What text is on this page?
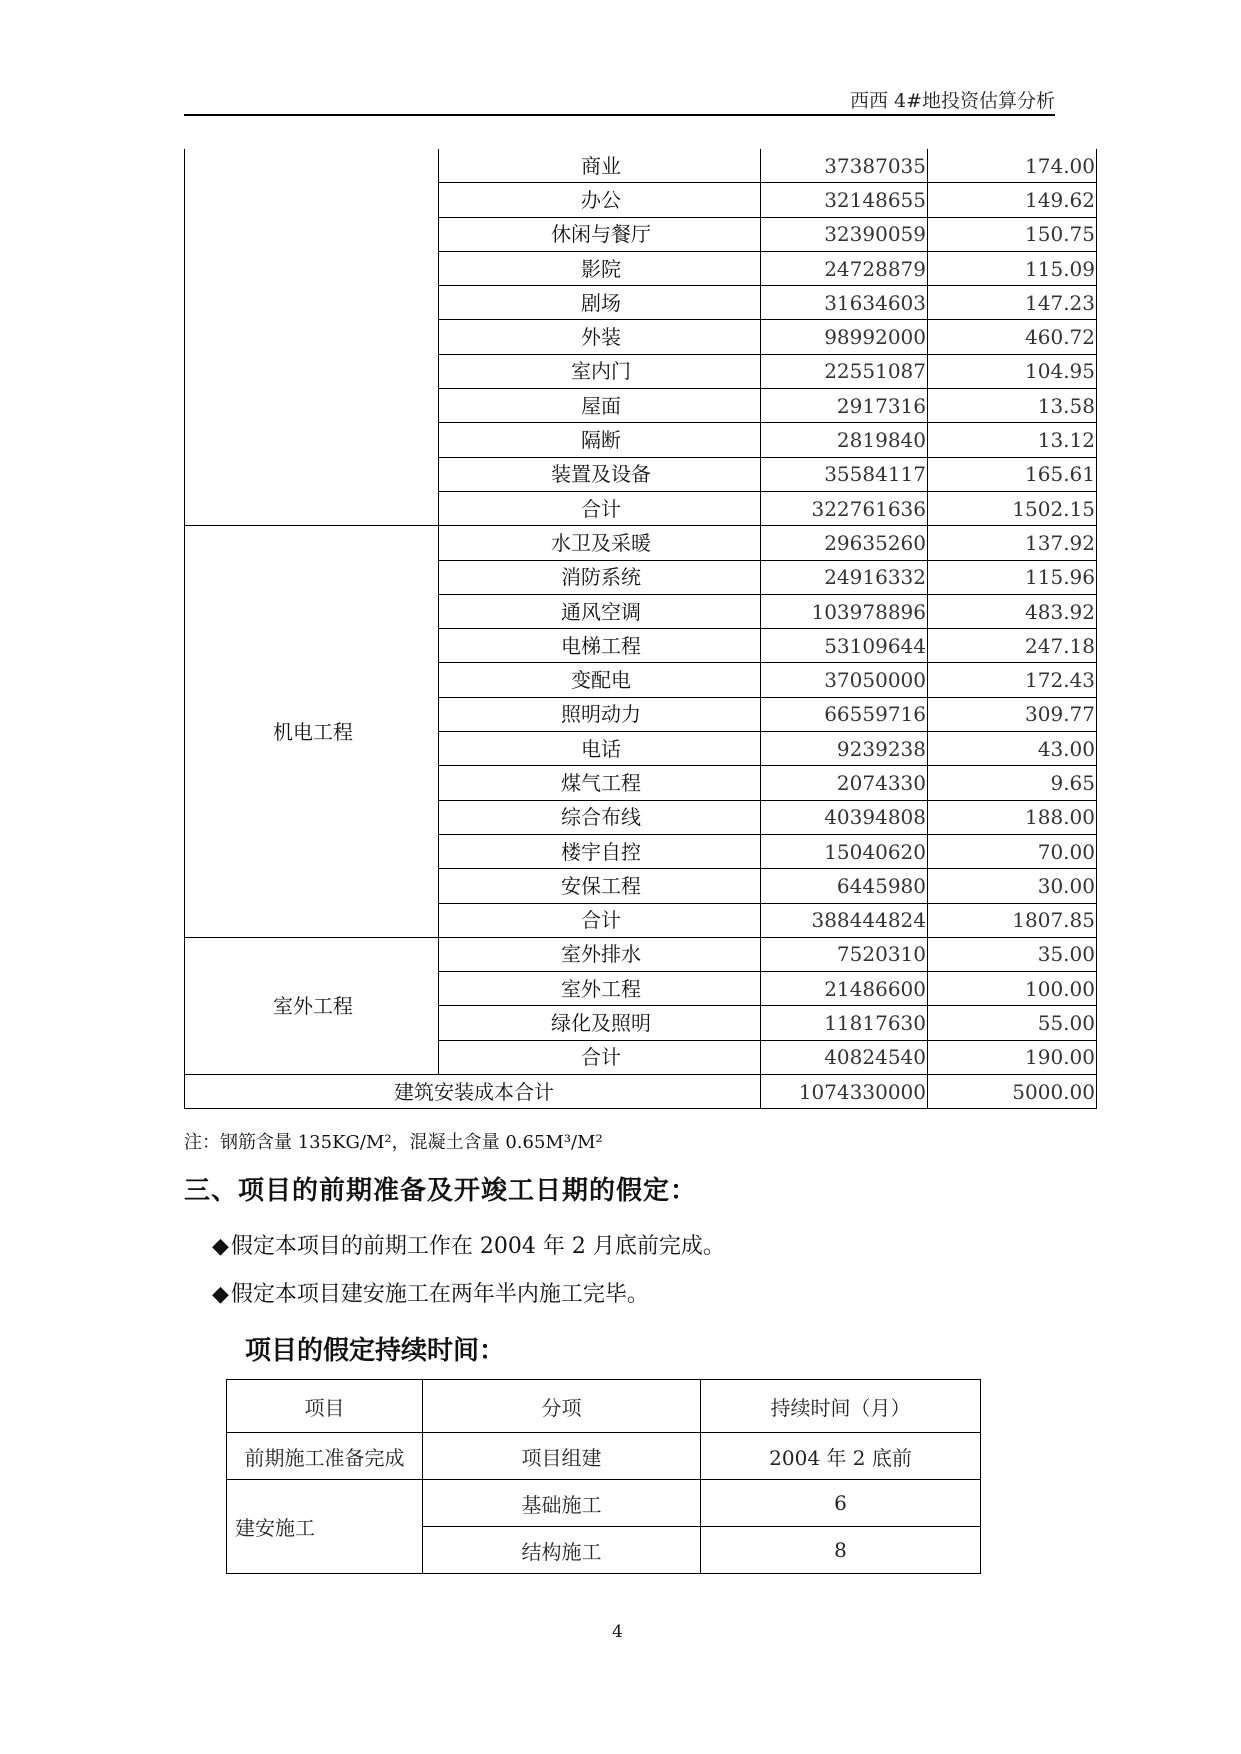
西西 4#地投资估算分析
	商业	37387035	174.00
	办公	32148655	149.62
	休闲与餐厅	32390059	150.75
	影院	24728879	115.09
	剧场	31634603	147.23
	外装	98992000	460.72
	室内门	22551087	104.95
	屋面	2917316	13.58
	隔断	2819840	13.12
	装置及设备	35584117	165.61
	合计	322761636	1502.15
机电工程	水卫及采暖	29635260	137.92
	消防系统	24916332	115.96
	通风空调	103978896	483.92
	电梯工程	53109644	247.18
	变配电	37050000	172.43
	照明动力	66559716	309.77
	电话	9239238	43.00
	煤气工程	2074330	9.65
	综合布线	40394808	188.00
	楼宇自控	15040620	70.00
	安保工程	6445980	30.00
	合计	388444824	1807.85
室外工程	室外排水	7520310	35.00
	室外工程	21486600	100.00
	绿化及照明	11817630	55.00
	合计	40824540	190.00
建筑安装成本合计		1074330000	5000.00
注：钢筋含量 135KG/M²，混凝土含量 0.65M³/M²
三、项目的前期准备及开竣工日期的假定：
◆假定本项目的前期工作在 2004 年 2 月底前完成。
◆假定本项目建安施工在两年半内施工完毕。
项目的假定持续时间：
项目	分项	持续时间（月）
前期施工准备完成	项目组建	2004 年 2 底前
建安施工	基础施工	6
	结构施工	8
4
